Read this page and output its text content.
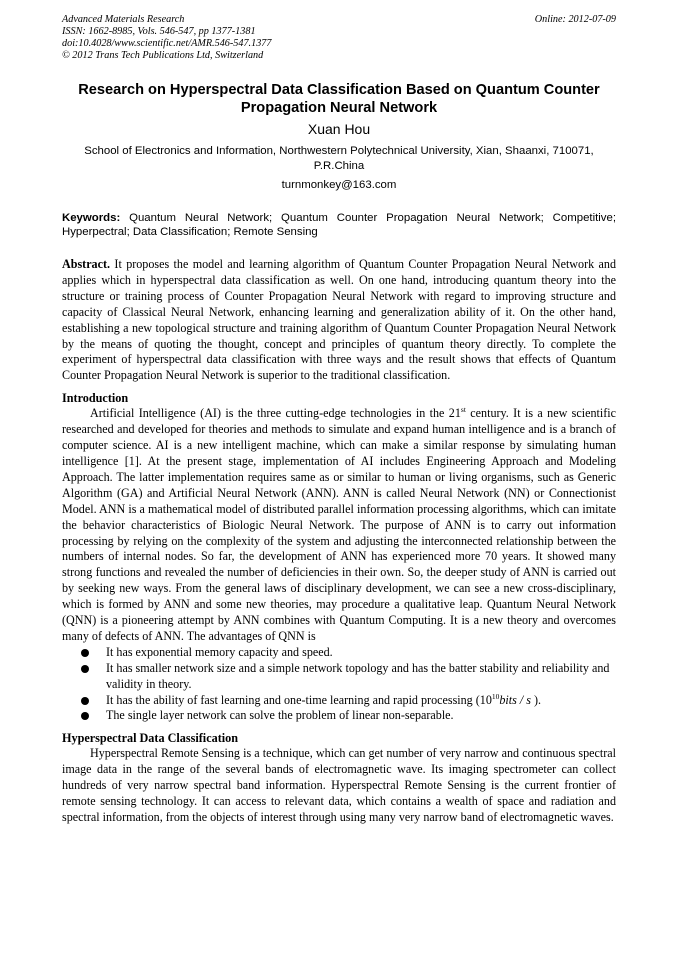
Advanced Materials Research
ISSN: 1662-8985, Vols. 546-547, pp 1377-1381
doi:10.4028/www.scientific.net/AMR.546-547.1377
© 2012 Trans Tech Publications Ltd, Switzerland
Online: 2012-07-09
Research on Hyperspectral Data Classification Based on Quantum Counter Propagation Neural Network
Xuan Hou
School of Electronics and Information, Northwestern Polytechnical University, Xian, Shaanxi, 710071, P.R.China
turnmonkey@163.com
Keywords: Quantum Neural Network; Quantum Counter Propagation Neural Network; Competitive; Hyperpectral; Data Classification; Remote Sensing
Abstract. It proposes the model and learning algorithm of Quantum Counter Propagation Neural Network and applies which in hyperspectral data classification as well. On one hand, introducing quantum theory into the structure or training process of Counter Propagation Neural Network with regard to improving structure and capacity of Classical Neural Network, enhancing learning and generalization ability of it. On the other hand, establishing a new topological structure and training algorithm of Quantum Counter Propagation Neural Network by the means of quoting the thought, concept and principles of quantum theory directly. To complete the experiment of hyperspectral data classification with three ways and the result shows that effects of Quantum Counter Propagation Neural Network is superior to the traditional classification.
Introduction

Artificial Intelligence (AI) is the three cutting-edge technologies in the 21st century. It is a new scientific researched and developed for theories and methods to simulate and expand human intelligence and is a branch of computer science. AI is a new intelligent machine, which can make a similar response by simulating human intelligence [1]. At the present stage, implementation of AI includes Engineering Approach and Modeling Approach. The latter implementation requires same as or similar to human or living organisms, such as Generic Algorithm (GA) and Artificial Neural Network (ANN). ANN is called Neural Network (NN) or Connectionist Model. ANN is a mathematical model of distributed parallel information processing algorithms, which can imitate the behavior characteristics of Biologic Neural Network. The purpose of ANN is to carry out information processing by relying on the complexity of the system and adjusting the interconnected relationship between the numbers of internal nodes. So far, the development of ANN has experienced more 70 years. It showed many strong functions and revealed the number of deficiencies in their own. So, the deeper study of ANN is carried out by seeking new ways. From the general laws of disciplinary development, we can see a new cross-disciplinary, which is formed by ANN and some new theories, may procedure a qualitative leap. Quantum Neural Network (QNN) is a pioneering attempt by ANN combines with Quantum Computing. It is a new theory and overcomes many of defects of ANN. The advantages of QNN is

It has exponential memory capacity and speed.
It has smaller network size and a simple network topology and has the batter stability and reliability and validity in theory.
It has the ability of fast learning and one-time learning and rapid processing ($10^{10}bits$ / s ).
The single layer network can solve the problem of linear non-separable.
Hyperspectral Data Classification

Hyperspectral Remote Sensing is a technique, which can get number of very narrow and continuous spectral image data in the range of the several bands of electromagnetic wave. Its imaging spectrometer can collect hundreds of very narrow spectral band information. Hyperspectral Remote Sensing is the current frontier of remote sensing technology. It can access to relevant data, which contains a wealth of space and radiation and spectral information, from the objects of interest through using many very narrow band of electromagnetic waves.
